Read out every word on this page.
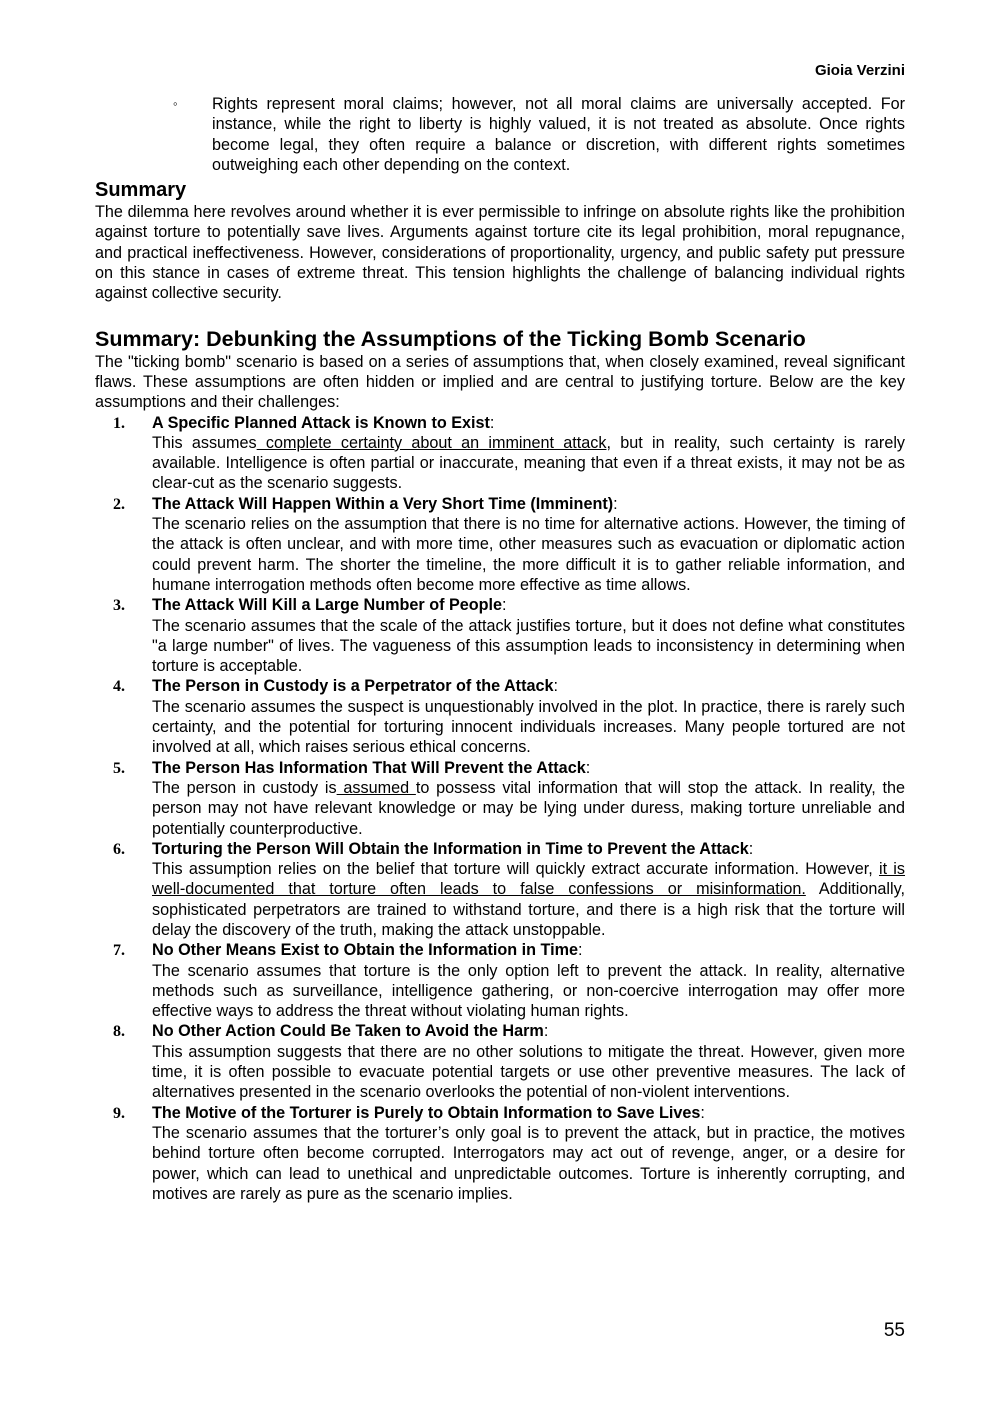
Gioia Verzini
◦ Rights represent moral claims; however, not all moral claims are universally accepted. For instance, while the right to liberty is highly valued, it is not treated as absolute. Once rights become legal, they often require a balance or discretion, with different rights sometimes outweighing each other depending on the context.

Summary

The dilemma here revolves around whether it is ever permissible to infringe on absolute rights like the prohibition against torture to potentially save lives. Arguments against torture cite its legal prohibition, moral repugnance, and practical ineffectiveness. However, considerations of proportionality, urgency, and public safety put pressure on this stance in cases of extreme threat. This tension highlights the challenge of balancing individual rights against collective security.

Summary: Debunking the Assumptions of the Ticking Bomb Scenario

The "ticking bomb" scenario is based on a series of assumptions that, when closely examined, reveal significant flaws. These assumptions are often hidden or implied and are central to justifying torture. Below are the key assumptions and their challenges:

1. A Specific Planned Attack is Known to Exist:

This assumes complete certainty about an imminent attack, but in reality, such certainty is rarely available. Intelligence is often partial or inaccurate, meaning that even if a threat exists, it may not be as clear-cut as the scenario suggests.

2. The Attack Will Happen Within a Very Short Time (Imminent):

The scenario relies on the assumption that there is no time for alternative actions. However, the timing of the attack is often unclear, and with more time, other measures such as evacuation or diplomatic action could prevent harm. The shorter the timeline, the more difficult it is to gather reliable information, and humane interrogation methods often become more effective as time allows.

3. The Attack Will Kill a Large Number of People:

The scenario assumes that the scale of the attack justifies torture, but it does not define what constitutes "a large number" of lives. The vagueness of this assumption leads to inconsistency in determining when torture is acceptable.

4. The Person in Custody is a Perpetrator of the Attack:

The scenario assumes the suspect is unquestionably involved in the plot. In practice, there is rarely such certainty, and the potential for torturing innocent individuals increases. Many people tortured are not involved at all, which raises serious ethical concerns.

5. The Person Has Information That Will Prevent the Attack:

The person in custody is assumed to possess vital information that will stop the attack. In reality, the person may not have relevant knowledge or may be lying under duress, making torture unreliable and potentially counterproductive.

6. Torturing the Person Will Obtain the Information in Time to Prevent the Attack:

This assumption relies on the belief that torture will quickly extract accurate information. However, it is well-documented that torture often leads to false confessions or misinformation. Additionally, sophisticated perpetrators are trained to withstand torture, and there is a high risk that the torture will delay the discovery of the truth, making the attack unstoppable.

7. No Other Means Exist to Obtain the Information in Time:

The scenario assumes that torture is the only option left to prevent the attack. In reality, alternative methods such as surveillance, intelligence gathering, or non-coercive interrogation may offer more effective ways to address the threat without violating human rights.

8. No Other Action Could Be Taken to Avoid the Harm:

This assumption suggests that there are no other solutions to mitigate the threat. However, given more time, it is often possible to evacuate potential targets or use other preventive measures. The lack of alternatives presented in the scenario overlooks the potential of non-violent interventions.

9. The Motive of the Torturer is Purely to Obtain Information to Save Lives:

The scenario assumes that the torturer’s only goal is to prevent the attack, but in practice, the motives behind torture often become corrupted. Interrogators may act out of revenge, anger, or a desire for power, which can lead to unethical and unpredictable outcomes. Torture is inherently corrupting, and motives are rarely as pure as the scenario implies.

55
